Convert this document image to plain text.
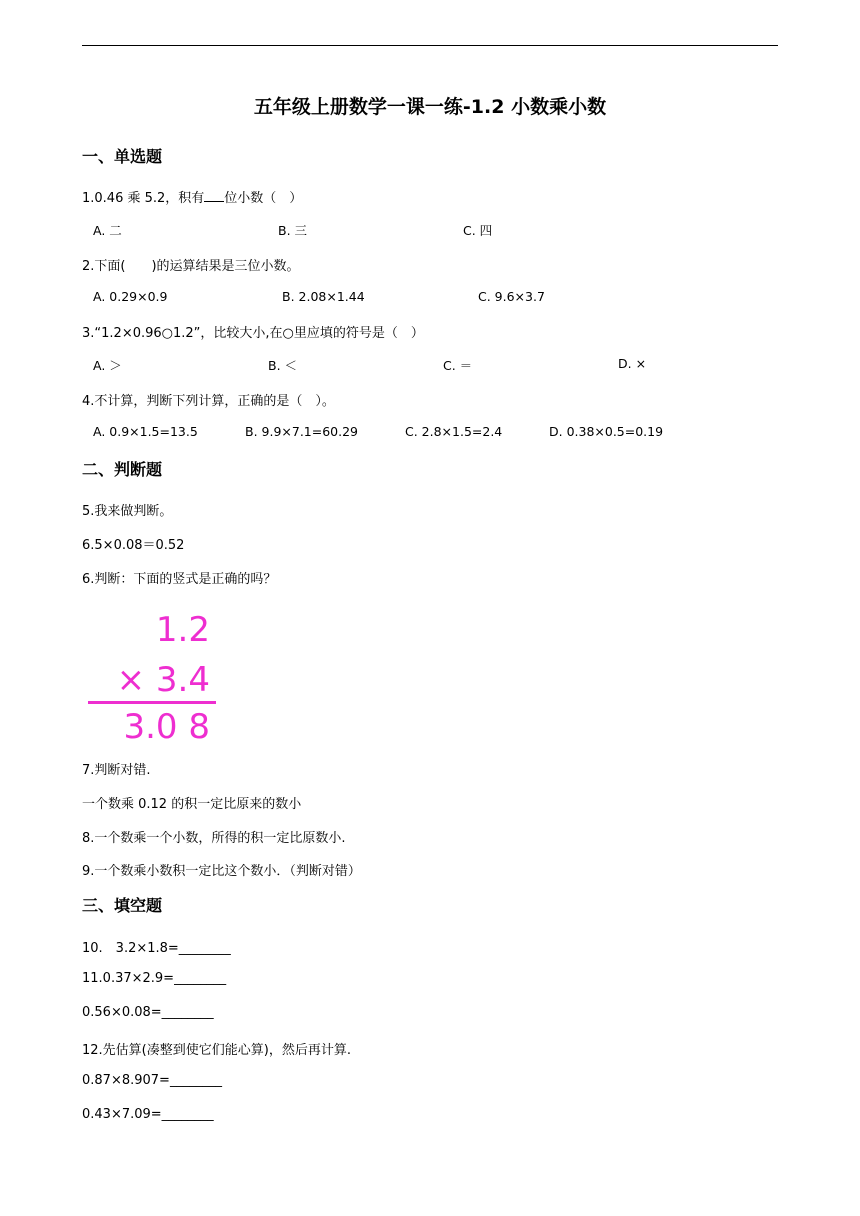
五年级上册数学一课一练-1.2 小数乘小数
一、单选题
1.0.46 乘 5.2，积有 位小数（　）
A. 二	B. 三	C. 四
2.下面(　　)的运算结果是三位小数。
A. 0.29×0.9	B. 2.08×1.44	C. 9.6×3.7
3.“1.2×0.96○1.2”，比较大小,在○里应填的符号是（　）
A. ＞	B. ＜	C. ＝	D. ×
4.不计算，判断下列计算，正确的是（　）。
A. 0.9×1.5=13.5	B. 9.9×7.1=60.29	C. 2.8×1.5=2.4	D. 0.38×0.5=0.19
二、判断题
5.我来做判断。
6.5×0.08＝0.52
6.判断：下面的竖式是正确的吗？
1.2
× 3.4
3.0 8
7.判断对错.
一个数乘 0.12 的积一定比原来的数小
8.一个数乘一个小数，所得的积一定比原数小.
9.一个数乘小数积一定比这个数小．（判断对错）
三、填空题
10.　3.2×1.8=________
11.0.37×2.9=________
0.56×0.08=________
12.先估算(凑整到使它们能心算)，然后再计算.
0.87×8.907=________
0.43×7.09=________
